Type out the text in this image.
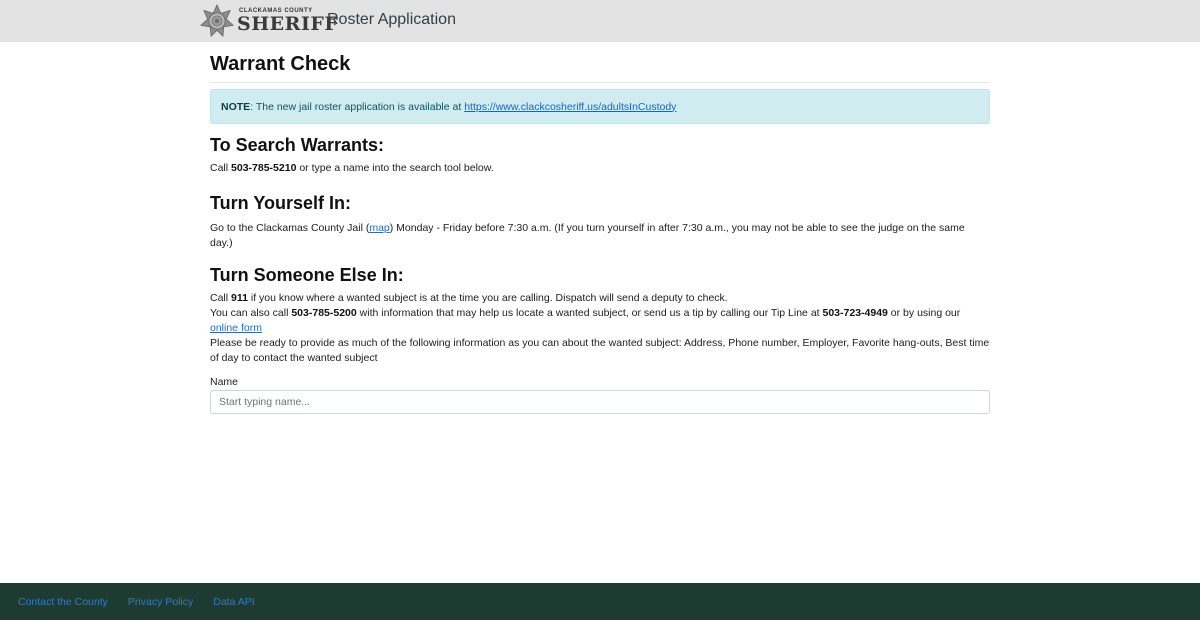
CLACKAMAS COUNTY
SHERIFF
Roster Application
Warrant Check
NOTE: The new jail roster application is available at https://www.clackcosheriff.us/adultsInCustody
To Search Warrants:

Call 503-785-5210 or type a name into the search tool below.

Turn Yourself In:

Go to the Clackamas County Jail (map) Monday - Friday before 7:30 a.m. (If you turn yourself in after 7:30 a.m., you may not be able to see the judge on the same day.)

Turn Someone Else In:
Call 911 if you know where a wanted subject is at the time you are calling. Dispatch will send a deputy to check.
You can also call 503-785-5200 with information that may help us locate a wanted subject, or send us a tip by calling our Tip Line at 503-723-4949 or by using our online form
Please be ready to provide as much of the following information as you can about the wanted subject: Address, Phone number, Employer, Favorite hang-outs, Best time of day to contact the wanted subject
Name
Start typing name...
Contact the County Privacy Policy Data API
